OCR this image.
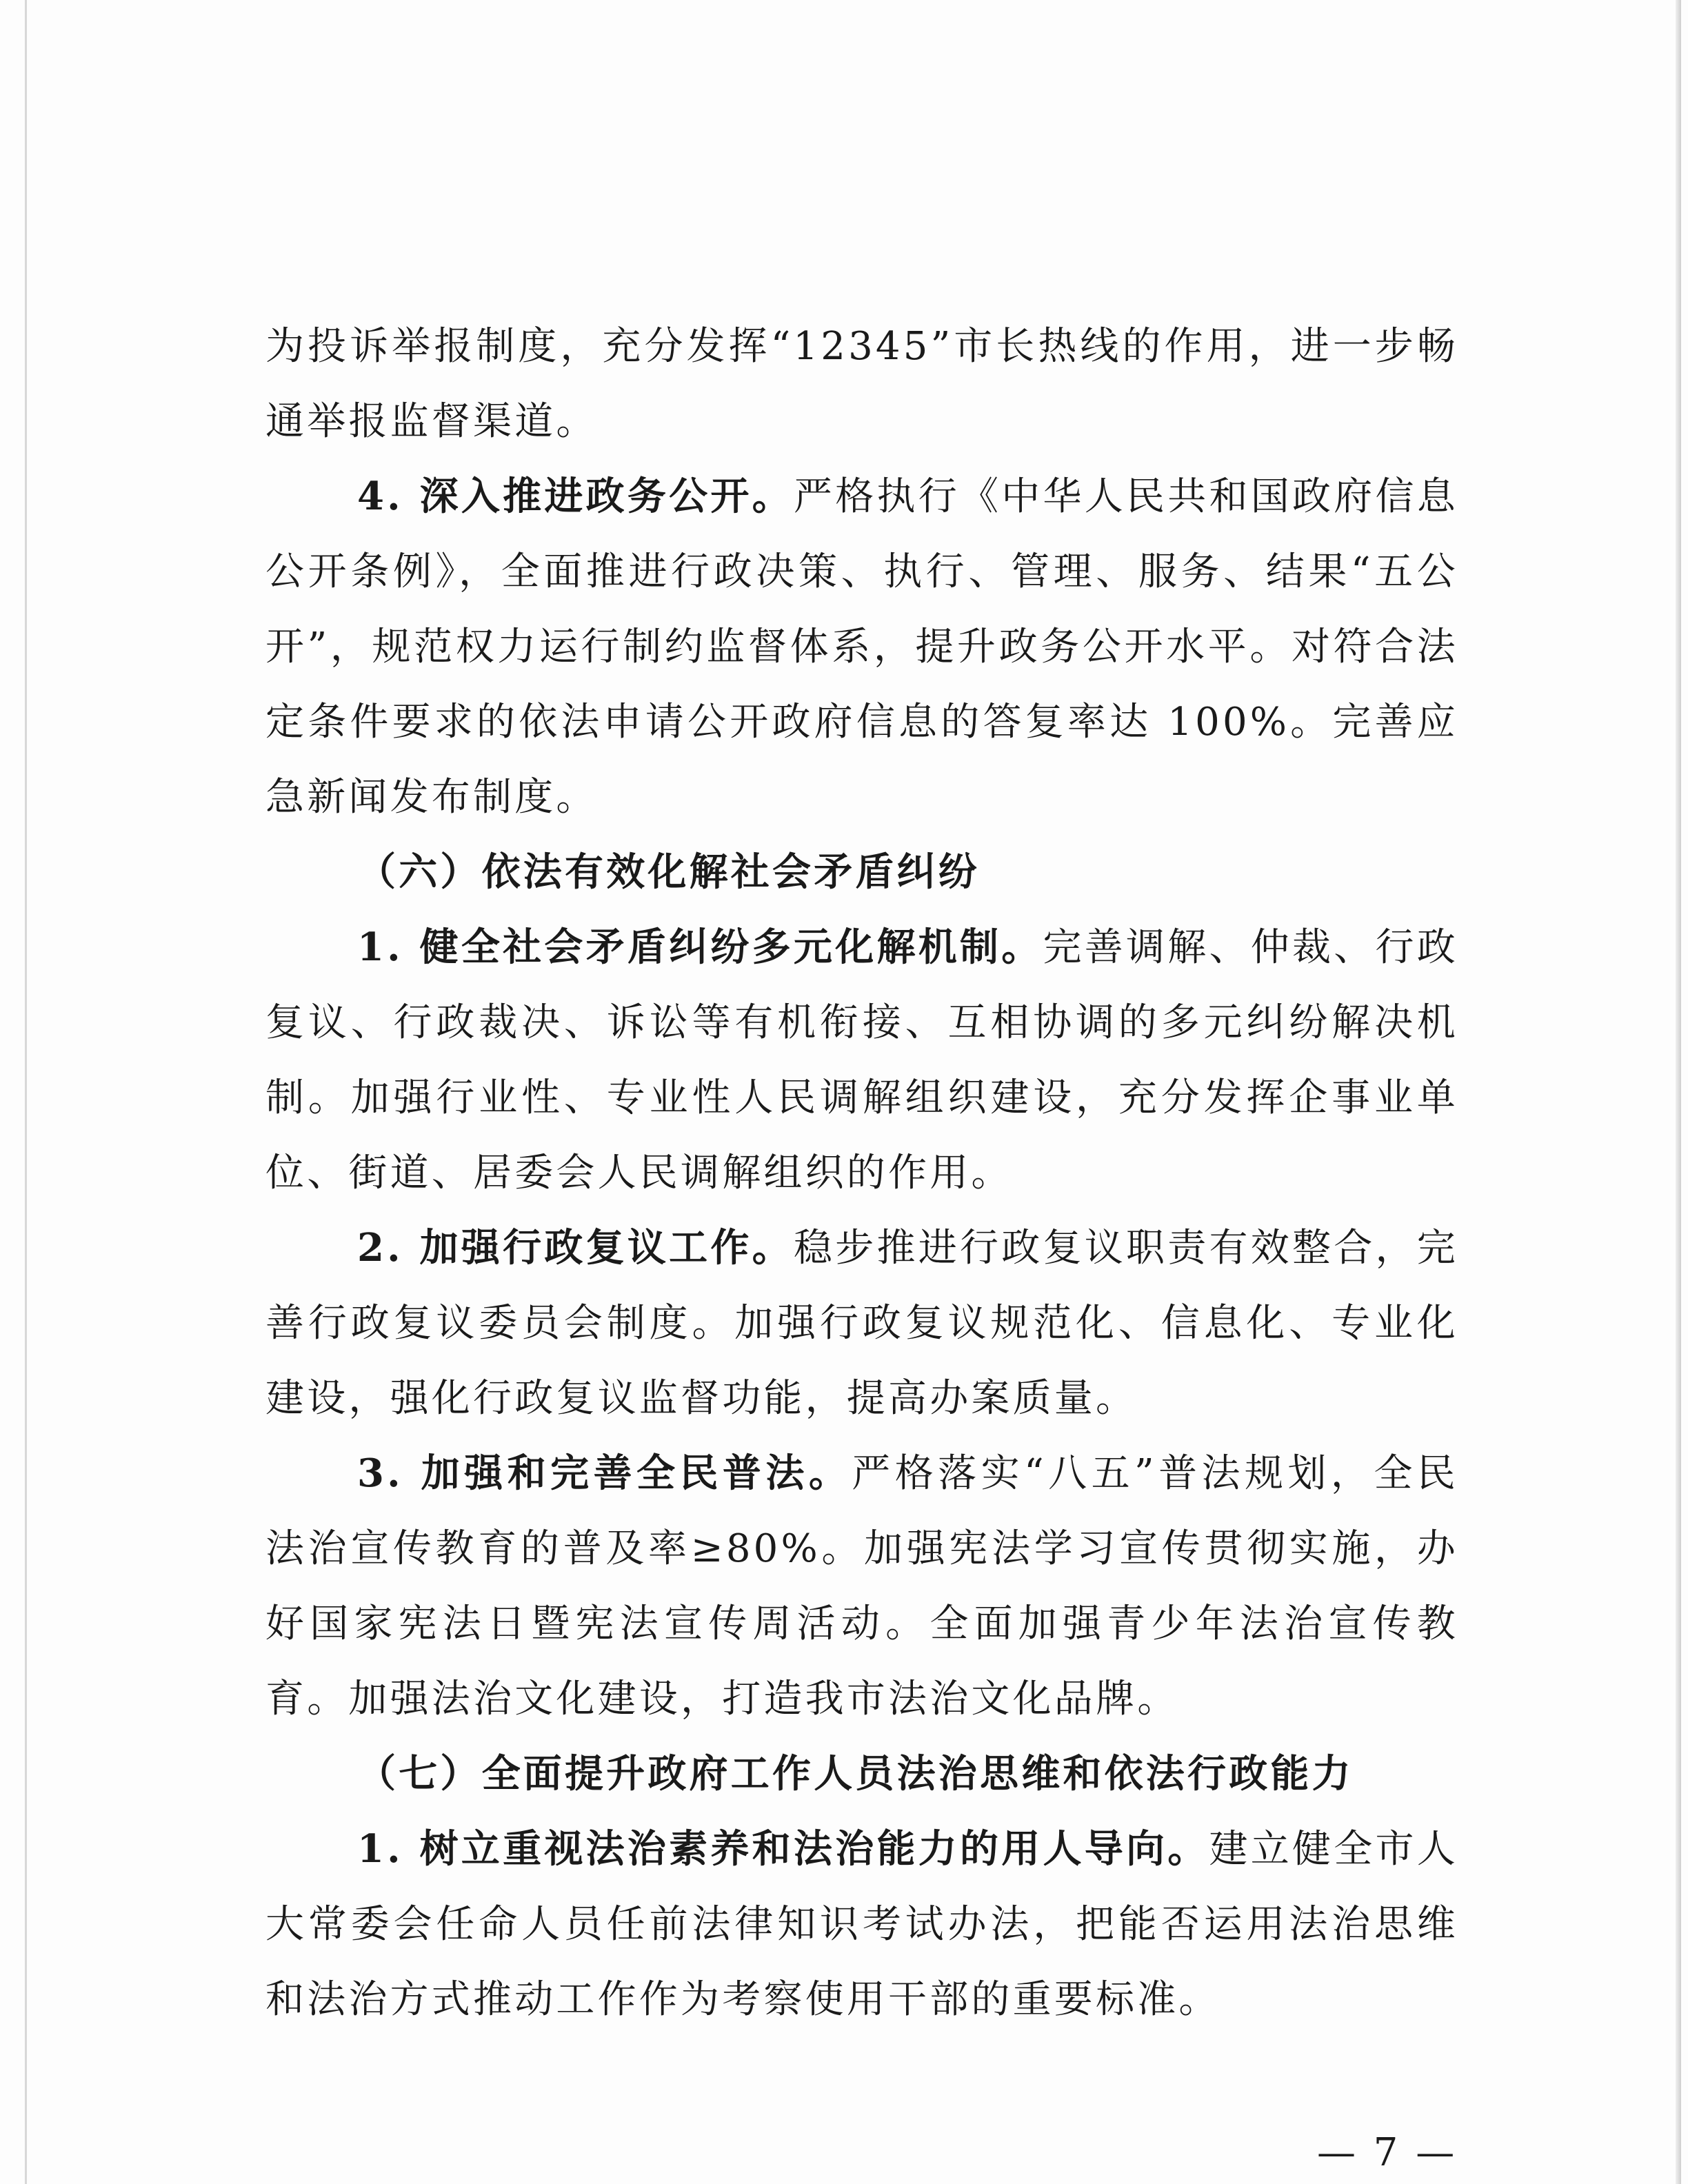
为投诉举报制度，充分发挥“12345”市长热线的作用，进一步畅通举报监督渠道。

4. 深入推进政务公开。严格执行《中华人民共和国政府信息公开条例》，全面推进行政决策、执行、管理、服务、结果“五公开”，规范权力运行制约监督体系，提升政务公开水平。对符合法定条件要求的依法申请公开政府信息的答复率达 100%。完善应急新闻发布制度。

（六）依法有效化解社会矛盾纠纷

1. 健全社会矛盾纠纷多元化解机制。完善调解、仲裁、行政复议、行政裁决、诉讼等有机衔接、互相协调的多元纠纷解决机制。加强行业性、专业性人民调解组织建设，充分发挥企事业单位、街道、居委会人民调解组织的作用。

2. 加强行政复议工作。稳步推进行政复议职责有效整合，完善行政复议委员会制度。加强行政复议规范化、信息化、专业化建设，强化行政复议监督功能，提高办案质量。

3. 加强和完善全民普法。严格落实“八五”普法规划，全民法治宣传教育的普及率≥80%。加强宪法学习宣传贯彻实施，办好国家宪法日暨宪法宣传周活动。全面加强青少年法治宣传教育。加强法治文化建设，打造我市法治文化品牌。

（七）全面提升政府工作人员法治思维和依法行政能力

1. 树立重视法治素养和法治能力的用人导向。建立健全市人大常委会任命人员任前法律知识考试办法，把能否运用法治思维和法治方式推动工作作为考察使用干部的重要标准。

— 7 —
